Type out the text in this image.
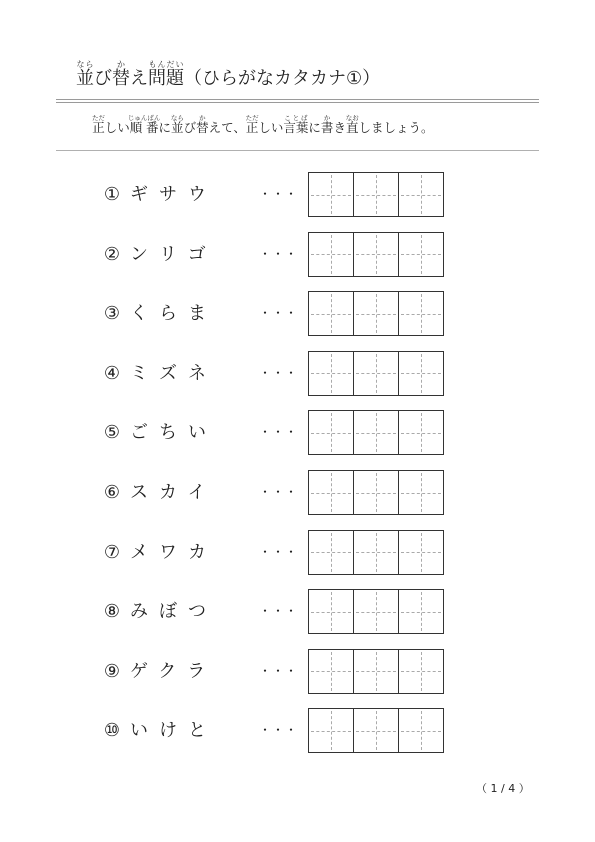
並ならび替かえ問題もんだい（ひらがなカタカナ①）
正ただしい順番じゅんばんに並ならび替かえて、正ただしい言葉ことばに書かき直なおしましょう。
① ギサウ	・・・
② ンリゴ	・・・
③ くらま	・・・
④ ミズネ	・・・
⑤ ごちい	・・・
⑥ スカイ	・・・
⑦ メワカ	・・・
⑧ みぼつ	・・・
⑨ ゲクラ	・・・
⑩ いけと	・・・
（ 1 / 4 ）
